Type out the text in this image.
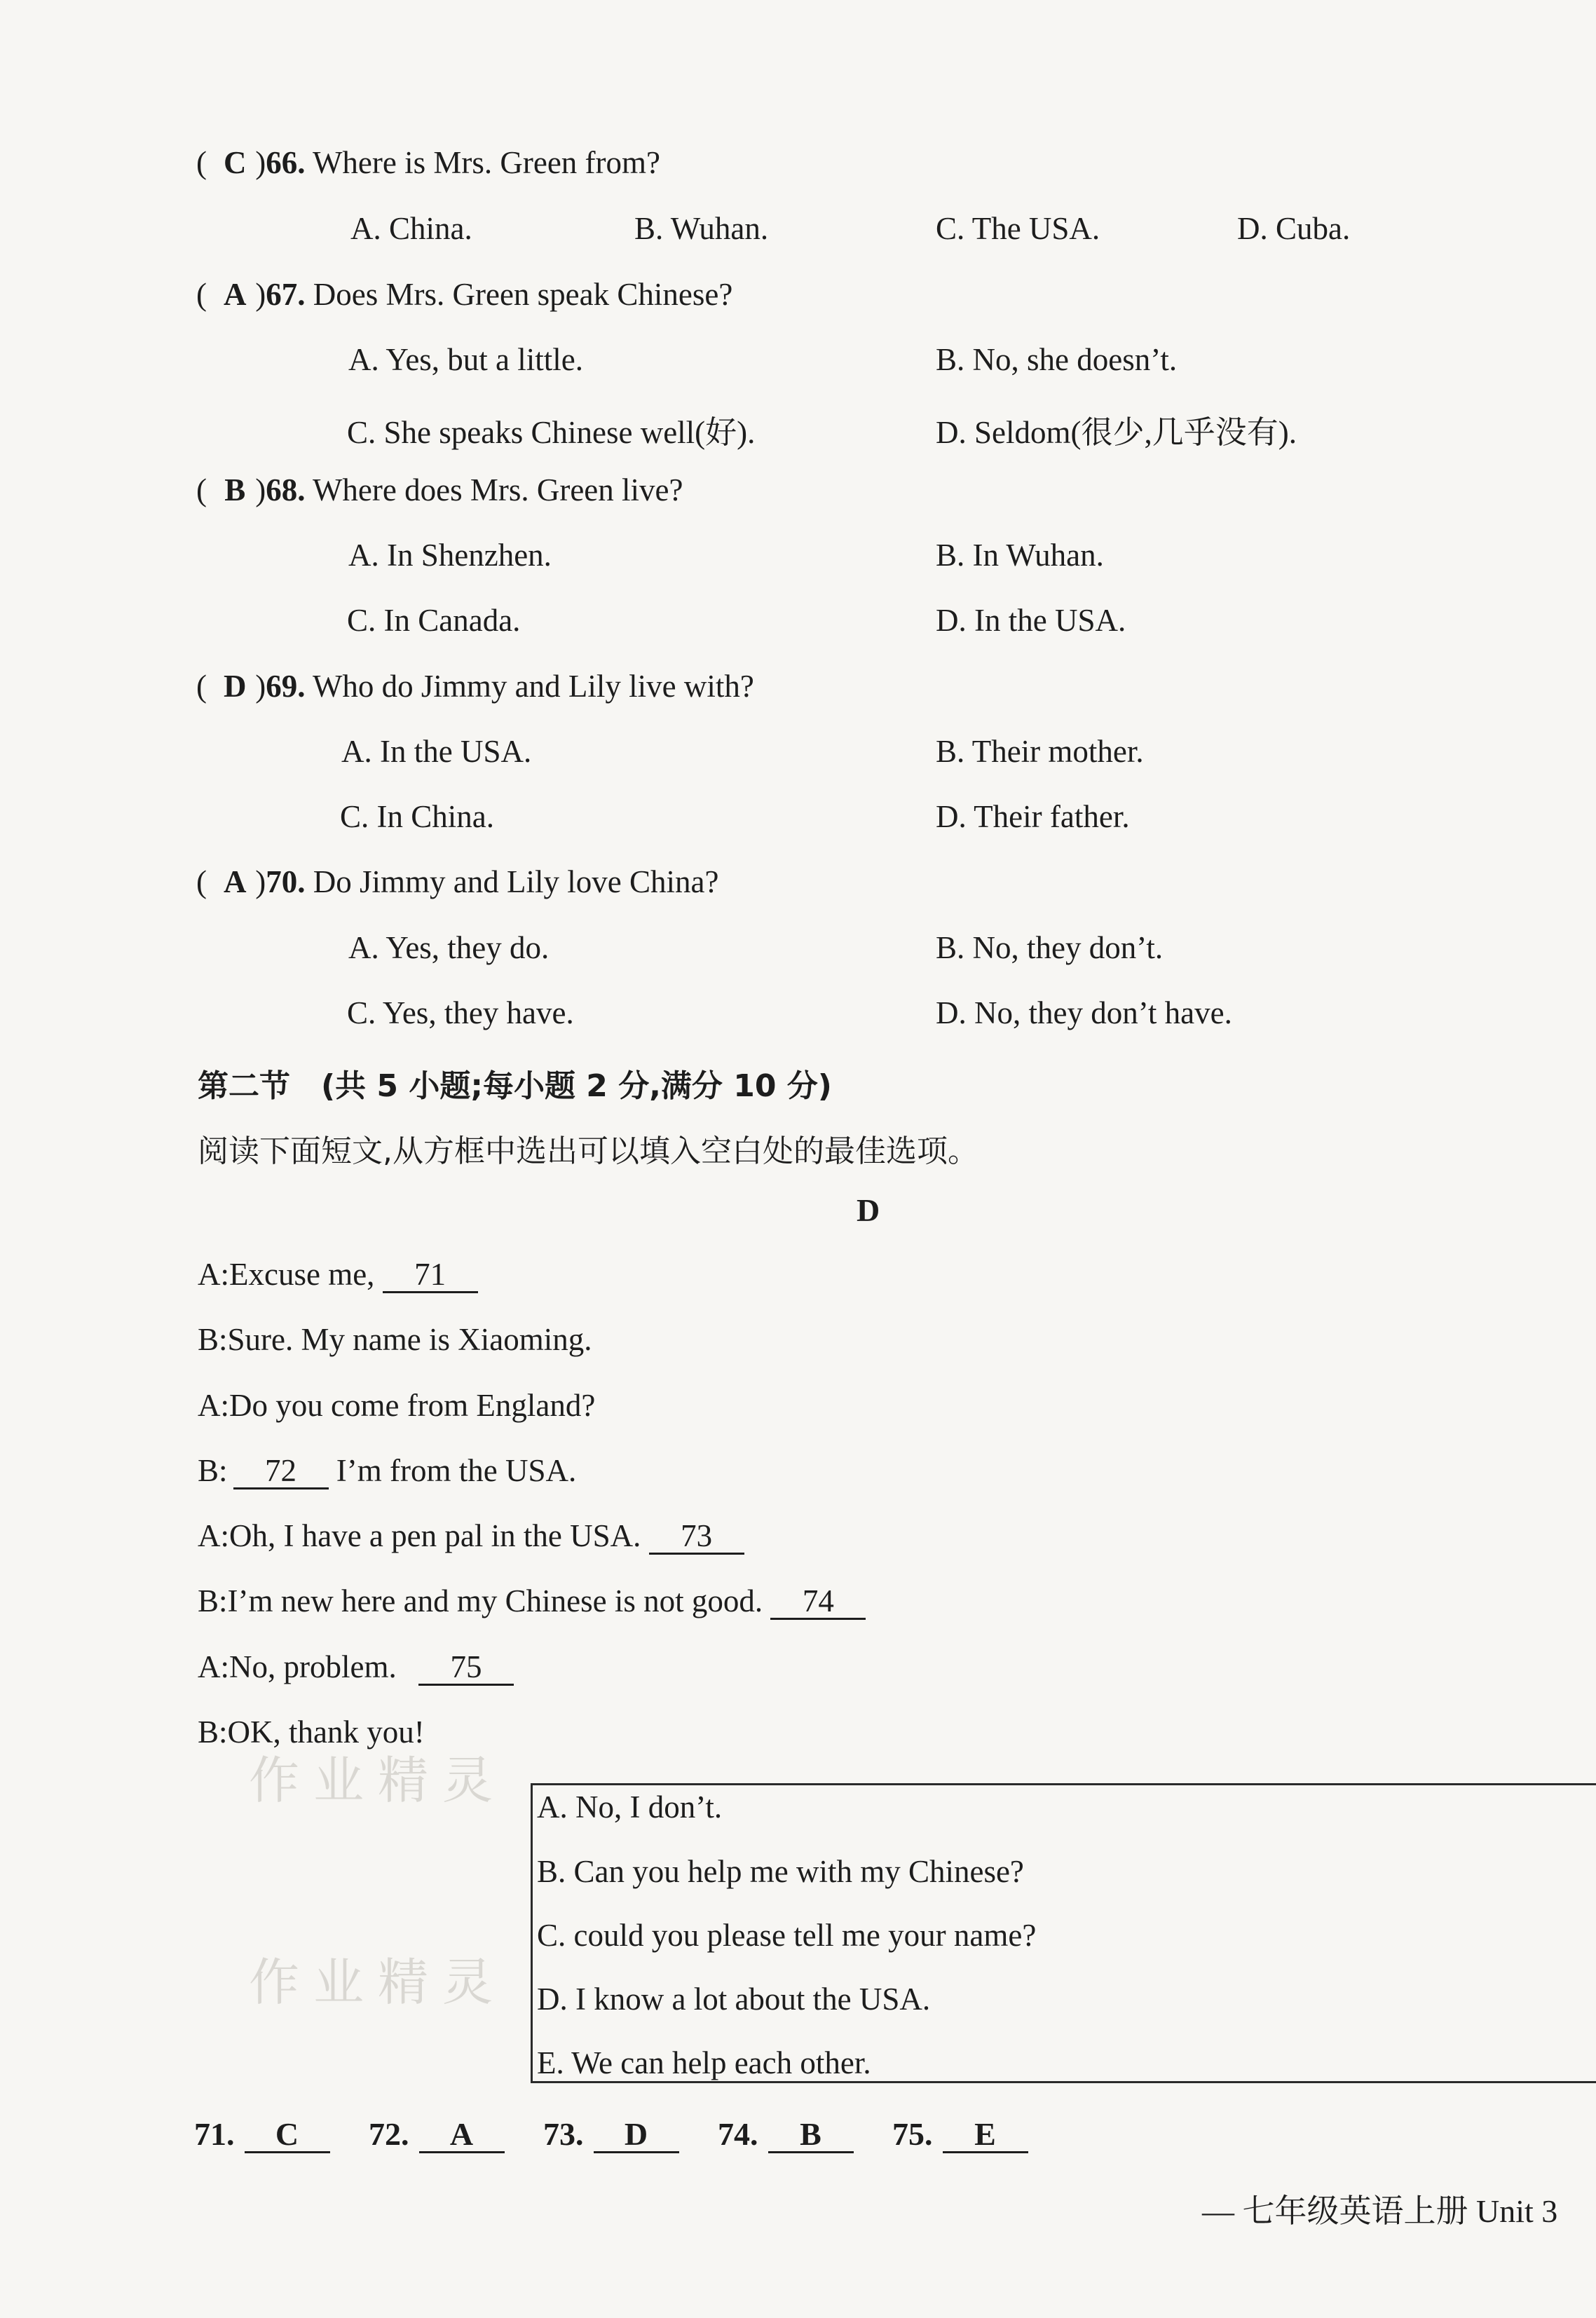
( C )66. Where is Mrs. Green from?
A. China.	B. Wuhan.	C. The USA.	D. Cuba.
( A )67. Does Mrs. Green speak Chinese?
A. Yes, but a little.	B. No, she doesn’t.
C. She speaks Chinese well(好).	D. Seldom(很少,几乎没有).
( B )68. Where does Mrs. Green live?
A. In Shenzhen.	B. In Wuhan.
C. In Canada.	D. In the USA.
( D )69. Who do Jimmy and Lily live with?
A. In the USA.	B. Their mother.
C. In China.	D. Their father.
( A )70. Do Jimmy and Lily love China?
A. Yes, they do.	B. No, they don’t.
C. Yes, they have.	D. No, they don’t have.
第二节　(共 5 小题;每小题 2 分,满分 10 分)
阅读下面短文,从方框中选出可以填入空白处的最佳选项。
D
A:Excuse me, 71
B:Sure. My name is Xiaoming.
A:Do you come from England?
B: 72 I’m from the USA.
A:Oh, I have a pen pal in the USA. 73
B:I’m new here and my Chinese is not good. 74
A:No, problem. 75
B:OK, thank you!
作业精灵
作业精灵
A. No, I don’t.
B. Can you help me with my Chinese?
C. could you please tell me your name?
D. I know a lot about the USA.
E. We can help each other.
71. C 72. A 73. D 74. B 75. E
— 七年级英语上册 Unit 3
